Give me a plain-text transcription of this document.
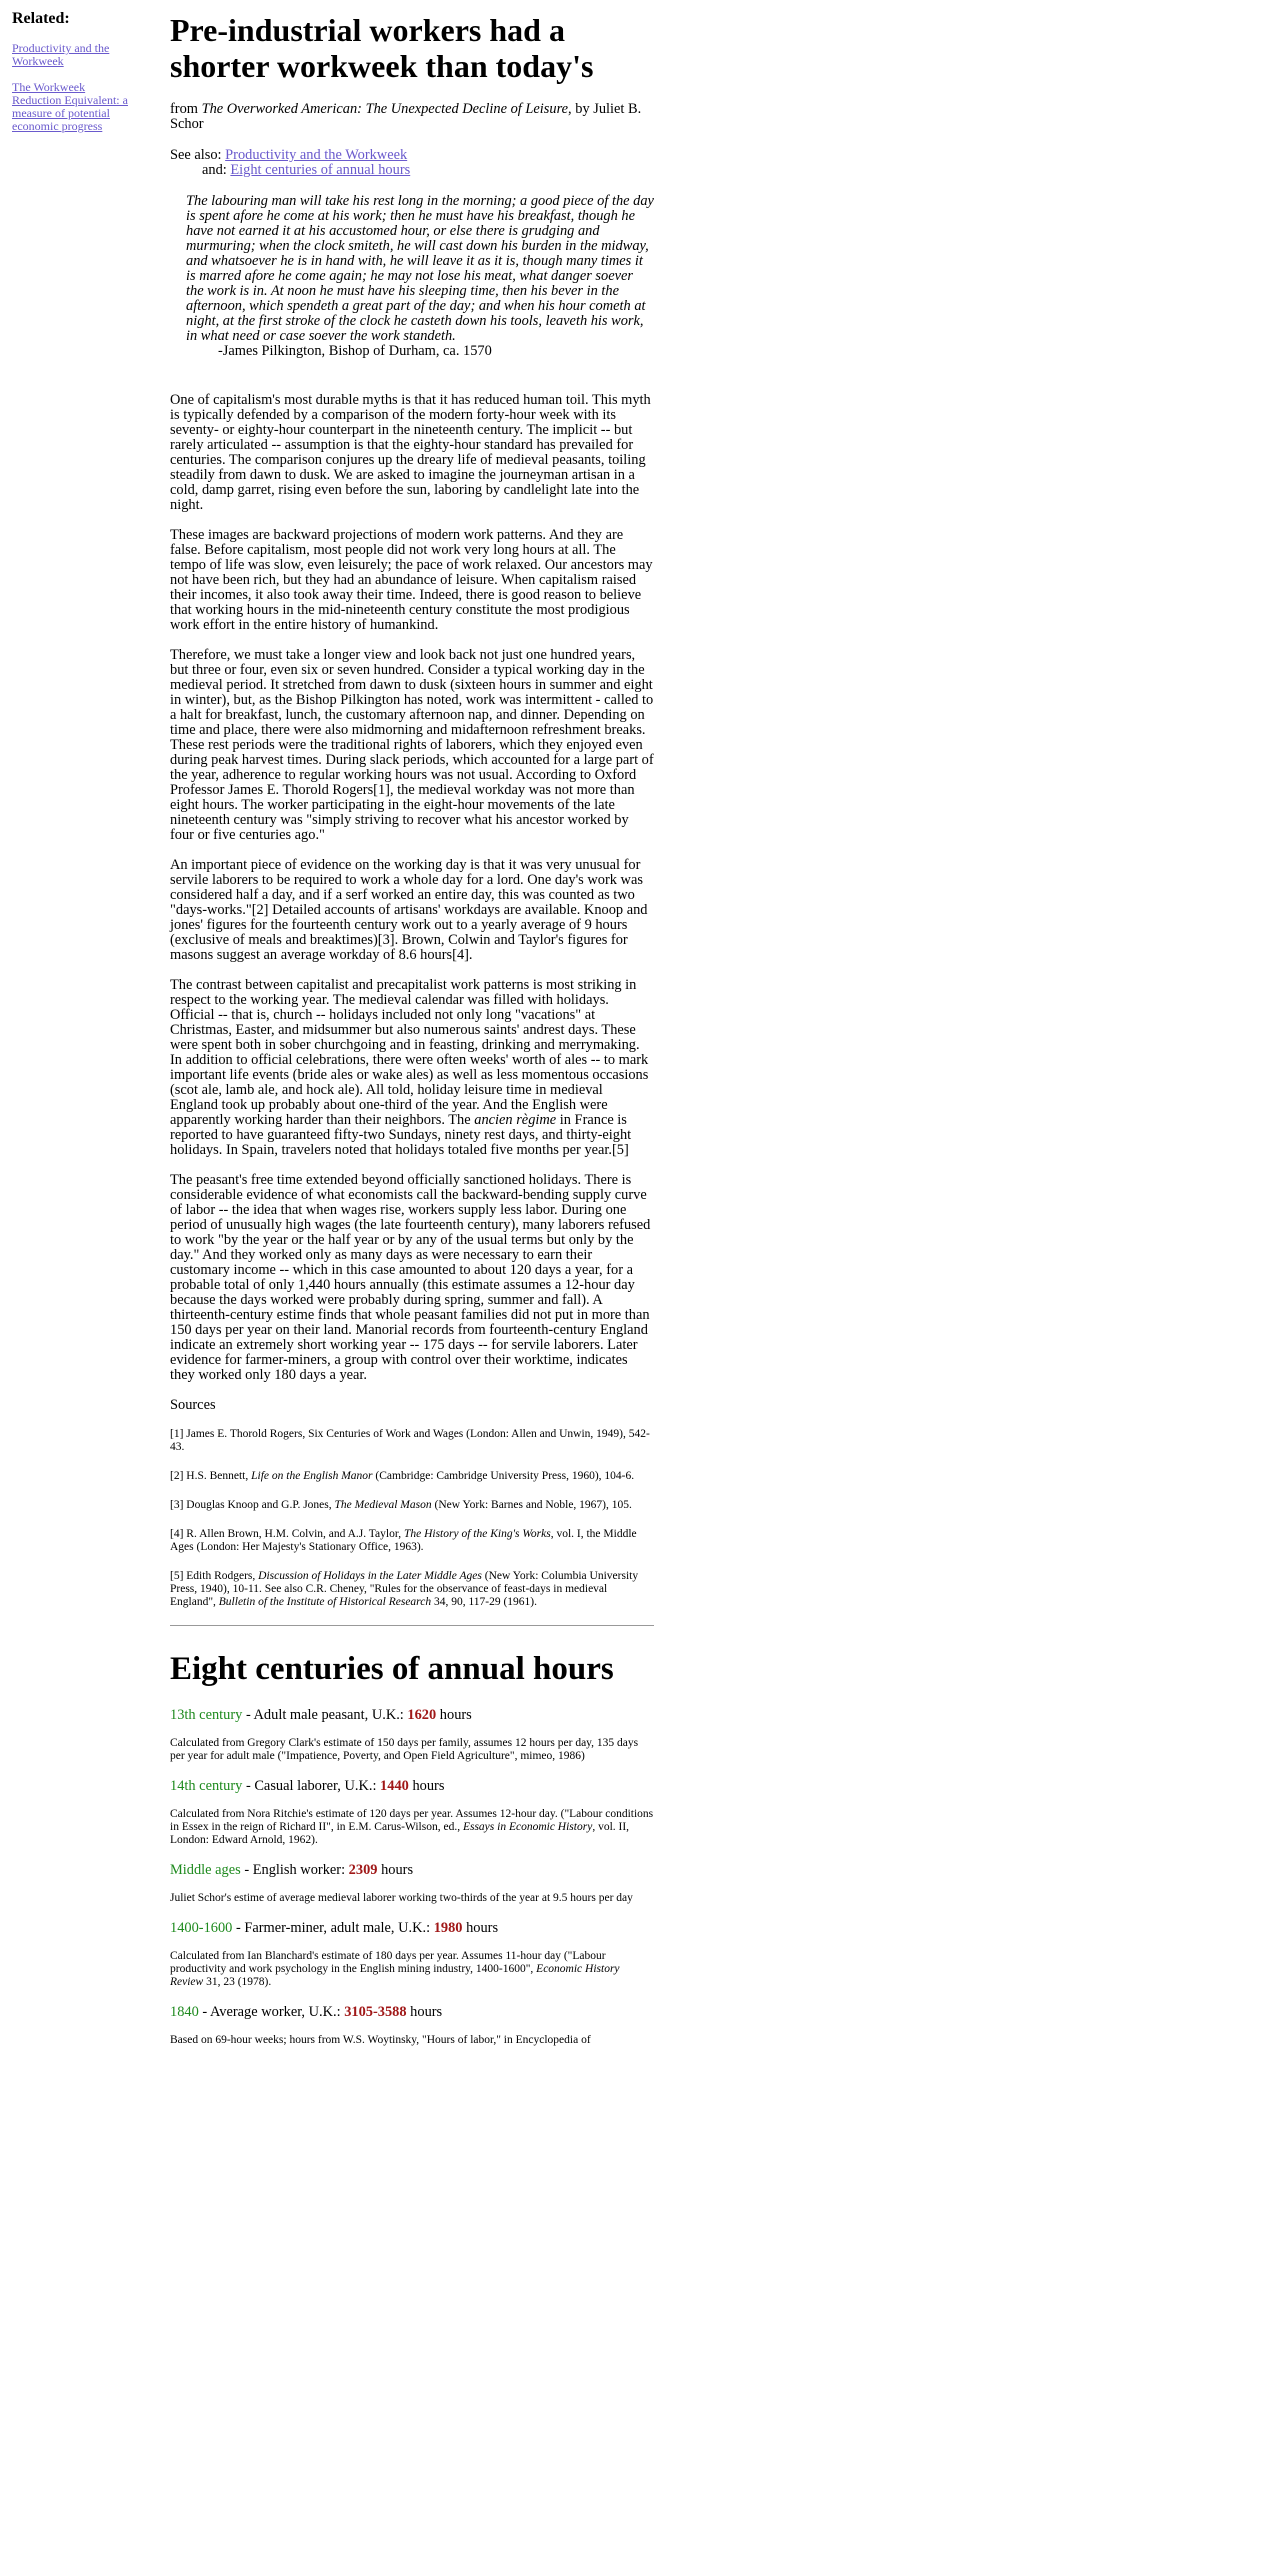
Related:
Productivity and the Workweek
The Workweek Reduction Equivalent: a measure of potential economic progress
Pre-industrial workers had a shorter workweek than today's

from The Overworked American: The Unexpected Decline of Leisure, by Juliet B. Schor

See also: Productivity and the Workweek
and: Eight centuries of annual hours
The labouring man will take his rest long in the morning; a good piece of the day is spent afore he come at his work; then he must have his breakfast, though he have not earned it at his accustomed hour, or else there is grudging and murmuring; when the clock smiteth, he will cast down his burden in the midway, and whatsoever he is in hand with, he will leave it as it is, though many times it is marred afore he come again; he may not lose his meat, what danger soever the work is in. At noon he must have his sleeping time, then his bever in the afternoon, which spendeth a great part of the day; and when his hour cometh at night, at the first stroke of the clock he casteth down his tools, leaveth his work, in what need or case soever the work standeth.
-James Pilkington, Bishop of Durham, ca. 1570

One of capitalism's most durable myths is that it has reduced human toil. This myth is typically defended by a comparison of the modern forty-hour week with its seventy- or eighty-hour counterpart in the nineteenth century. The implicit -- but rarely articulated -- assumption is that the eighty-hour standard has prevailed for centuries. The comparison conjures up the dreary life of medieval peasants, toiling steadily from dawn to dusk. We are asked to imagine the journeyman artisan in a cold, damp garret, rising even before the sun, laboring by candlelight late into the night.

These images are backward projections of modern work patterns. And they are false. Before capitalism, most people did not work very long hours at all. The tempo of life was slow, even leisurely; the pace of work relaxed. Our ancestors may not have been rich, but they had an abundance of leisure. When capitalism raised their incomes, it also took away their time. Indeed, there is good reason to believe that working hours in the mid-nineteenth century constitute the most prodigious work effort in the entire history of humankind.

Therefore, we must take a longer view and look back not just one hundred years, but three or four, even six or seven hundred. Consider a typical working day in the medieval period. It stretched from dawn to dusk (sixteen hours in summer and eight in winter), but, as the Bishop Pilkington has noted, work was intermittent - called to a halt for breakfast, lunch, the customary afternoon nap, and dinner. Depending on time and place, there were also midmorning and midafternoon refreshment breaks. These rest periods were the traditional rights of laborers, which they enjoyed even during peak harvest times. During slack periods, which accounted for a large part of the year, adherence to regular working hours was not usual. According to Oxford Professor James E. Thorold Rogers[1], the medieval workday was not more than eight hours. The worker participating in the eight-hour movements of the late nineteenth century was "simply striving to recover what his ancestor worked by four or five centuries ago."

An important piece of evidence on the working day is that it was very unusual for servile laborers to be required to work a whole day for a lord. One day's work was considered half a day, and if a serf worked an entire day, this was counted as two "days-works."[2] Detailed accounts of artisans' workdays are available. Knoop and jones' figures for the fourteenth century work out to a yearly average of 9 hours (exclusive of meals and breaktimes)[3]. Brown, Colwin and Taylor's figures for masons suggest an average workday of 8.6 hours[4].

The contrast between capitalist and precapitalist work patterns is most striking in respect to the working year. The medieval calendar was filled with holidays. Official -- that is, church -- holidays included not only long "vacations" at Christmas, Easter, and midsummer but also numerous saints' andrest days. These were spent both in sober churchgoing and in feasting, drinking and merrymaking. In addition to official celebrations, there were often weeks' worth of ales -- to mark important life events (bride ales or wake ales) as well as less momentous occasions (scot ale, lamb ale, and hock ale). All told, holiday leisure time in medieval England took up probably about one-third of the year. And the English were apparently working harder than their neighbors. The ancien règime in France is reported to have guaranteed fifty-two Sundays, ninety rest days, and thirty-eight holidays. In Spain, travelers noted that holidays totaled five months per year.[5]

The peasant's free time extended beyond officially sanctioned holidays. There is considerable evidence of what economists call the backward-bending supply curve of labor -- the idea that when wages rise, workers supply less labor. During one period of unusually high wages (the late fourteenth century), many laborers refused to work "by the year or the half year or by any of the usual terms but only by the day." And they worked only as many days as were necessary to earn their customary income -- which in this case amounted to about 120 days a year, for a probable total of only 1,440 hours annually (this estimate assumes a 12-hour day because the days worked were probably during spring, summer and fall). A thirteenth-century estime finds that whole peasant families did not put in more than 150 days per year on their land. Manorial records from fourteenth-century England indicate an extremely short working year -- 175 days -- for servile laborers. Later evidence for farmer-miners, a group with control over their worktime, indicates they worked only 180 days a year.

Sources

[1] James E. Thorold Rogers, Six Centuries of Work and Wages (London: Allen and Unwin, 1949), 542-43.

[2] H.S. Bennett, Life on the English Manor (Cambridge: Cambridge University Press, 1960), 104-6.

[3] Douglas Knoop and G.P. Jones, The Medieval Mason (New York: Barnes and Noble, 1967), 105.

[4] R. Allen Brown, H.M. Colvin, and A.J. Taylor, The History of the King's Works, vol. I, the Middle Ages (London: Her Majesty's Stationary Office, 1963).

[5] Edith Rodgers, Discussion of Holidays in the Later Middle Ages (New York: Columbia University Press, 1940), 10-11. See also C.R. Cheney, "Rules for the observance of feast-days in medieval England", Bulletin of the Institute of Historical Research 34, 90, 117-29 (1961).

Eight centuries of annual hours

13th century - Adult male peasant, U.K.: 1620 hours

Calculated from Gregory Clark's estimate of 150 days per family, assumes 12 hours per day, 135 days per year for adult male ("Impatience, Poverty, and Open Field Agriculture", mimeo, 1986)

14th century - Casual laborer, U.K.: 1440 hours

Calculated from Nora Ritchie's estimate of 120 days per year. Assumes 12-hour day. ("Labour conditions in Essex in the reign of Richard II", in E.M. Carus-Wilson, ed., Essays in Economic History, vol. II, London: Edward Arnold, 1962).

Middle ages - English worker: 2309 hours

Juliet Schor's estime of average medieval laborer working two-thirds of the year at 9.5 hours per day

1400-1600 - Farmer-miner, adult male, U.K.: 1980 hours

Calculated from Ian Blanchard's estimate of 180 days per year. Assumes 11-hour day ("Labour productivity and work psychology in the English mining industry, 1400-1600", Economic History Review 31, 23 (1978).

1840 - Average worker, U.K.: 3105-3588 hours

Based on 69-hour weeks; hours from W.S. Woytinsky, "Hours of labor," in Encyclopedia of
